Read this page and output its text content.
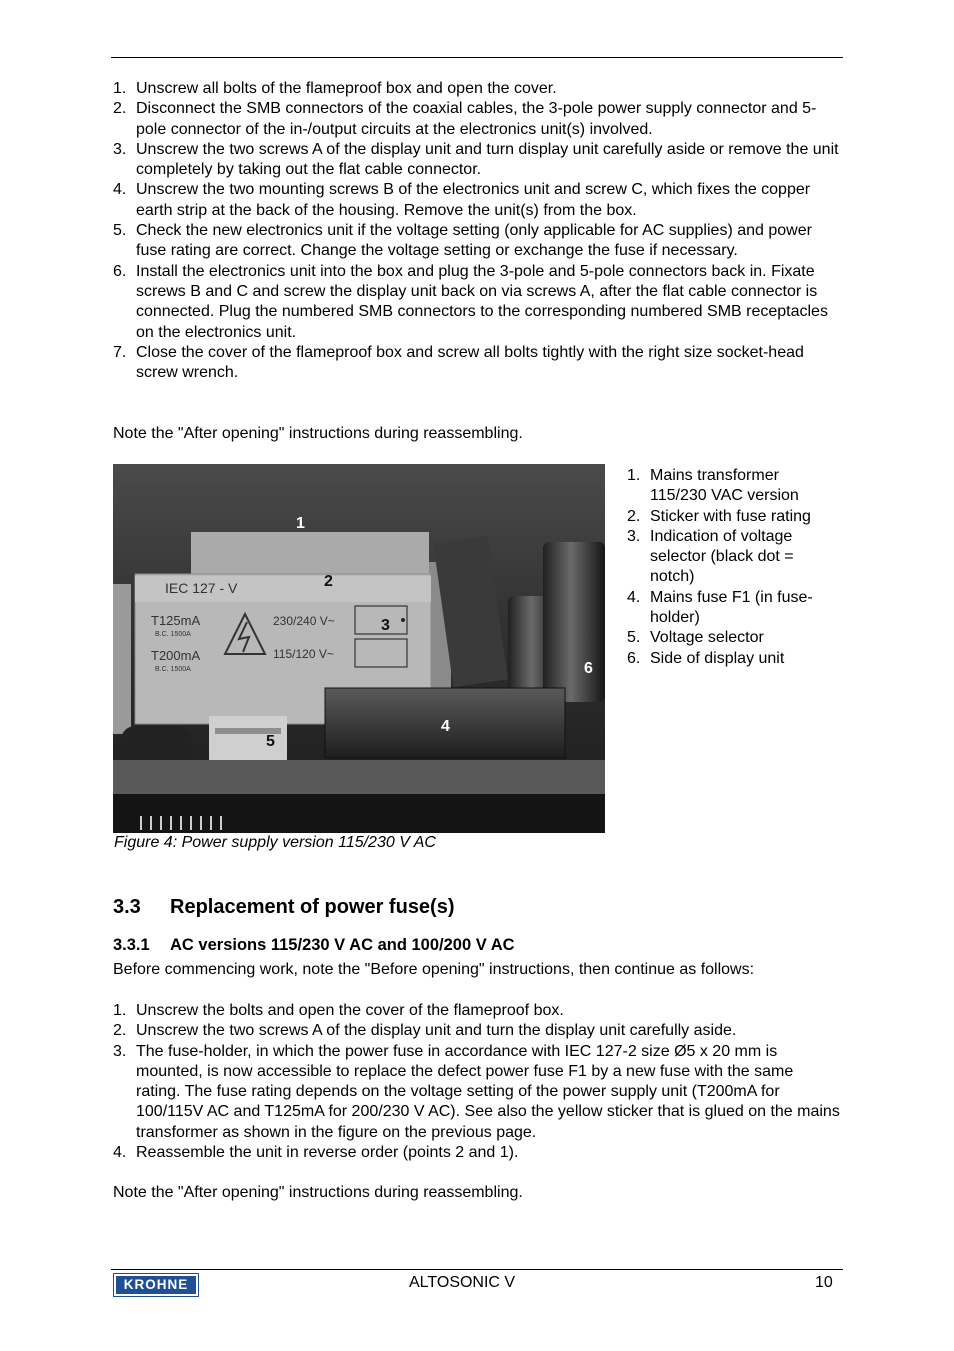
1. Unscrew all bolts of the flameproof box and open the cover.
2. Disconnect the SMB connectors of the coaxial cables, the 3-pole power supply connector and 5-pole connector of the in-/output circuits at the electronics unit(s) involved.
3. Unscrew the two screws A of the display unit and turn display unit carefully aside or remove the unit completely by taking out the flat cable connector.
4. Unscrew the two mounting screws B of the electronics unit and screw C, which fixes the copper earth strip at the back of the housing. Remove the unit(s) from the box.
5. Check the new electronics unit if the voltage setting (only applicable for AC supplies) and power fuse rating are correct. Change the voltage setting or exchange the fuse if necessary.
6. Install the electronics unit into the box and plug the 3-pole and 5-pole connectors back in. Fixate screws B and C and screw the display unit back on via screws A, after the flat cable connector is connected. Plug the numbered SMB connectors to the corresponding numbered SMB receptacles on the electronics unit.
7. Close the cover of the flameproof box and screw all bolts tightly with the right size socket-head screw wrench.
Note the "After opening" instructions during reassembling.
IEC 127 - V
T125mA
B.C. 1500A
T200mA
B.C. 1500A
230/240 V~
115/120 V~
1
2
3
4
5
6
Figure 4: Power supply version 115/230 V AC
1. Mains transformer 115/230 VAC version
2. Sticker with fuse rating
3. Indication of voltage selector (black dot = notch)
4. Mains fuse F1 (in fuse-holder)
5. Voltage selector
6. Side of display unit
3.3 Replacement of power fuse(s)
3.3.1 AC versions 115/230 V AC and 100/200 V AC
Before commencing work, note the "Before opening" instructions, then continue as follows:
1. Unscrew the bolts and open the cover of the flameproof box.
2. Unscrew the two screws A of the display unit and turn the display unit carefully aside.
3. The fuse-holder, in which the power fuse in accordance with IEC 127-2 size Ø5 x 20 mm is mounted, is now accessible to replace the defect power fuse F1 by a new fuse with the same rating. The fuse rating depends on the voltage setting of the power supply unit (T200mA for 100/115V AC and T125mA for 200/230 V AC). See also the yellow sticker that is glued on the mains transformer as shown in the figure on the previous page.
4. Reassemble the unit in reverse order (points 2 and 1).
Note the "After opening" instructions during reassembling.
KROHNE	ALTOSONIC V	10
